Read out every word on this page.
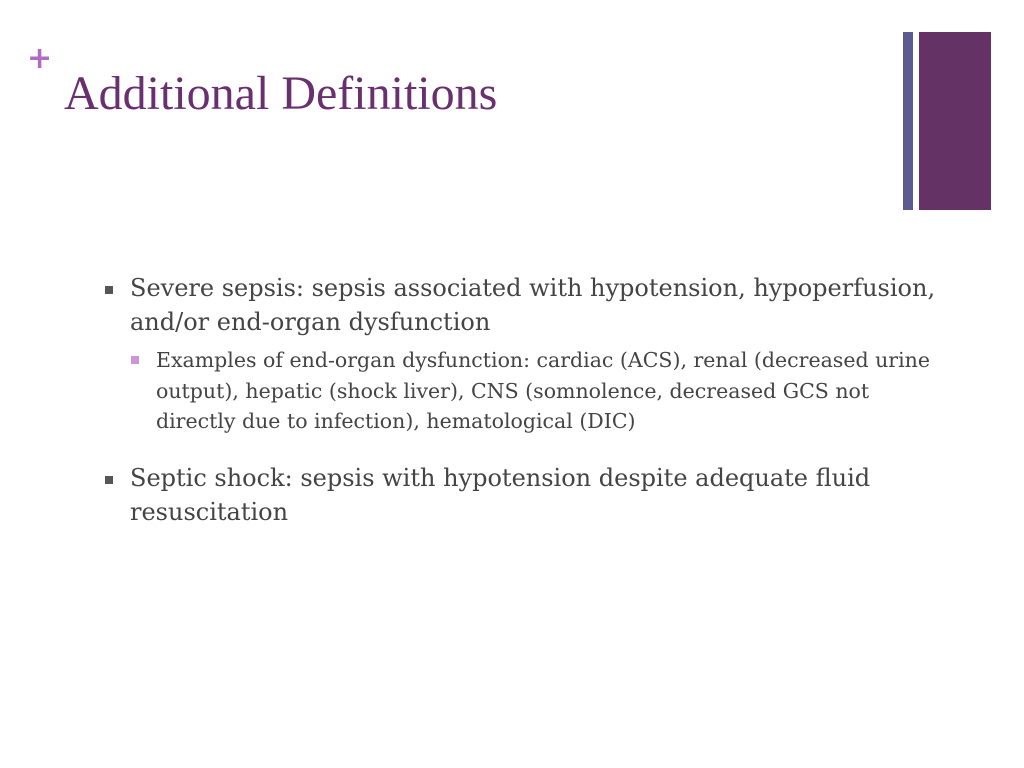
+
Additional Definitions
Severe sepsis: sepsis associated with hypotension, hypoperfusion, and/or end-organ dysfunction
Examples of end-organ dysfunction: cardiac (ACS), renal (decreased urine output), hepatic (shock liver), CNS (somnolence, decreased GCS not directly due to infection), hematological (DIC)
Septic shock: sepsis with hypotension despite adequate fluid resuscitation
